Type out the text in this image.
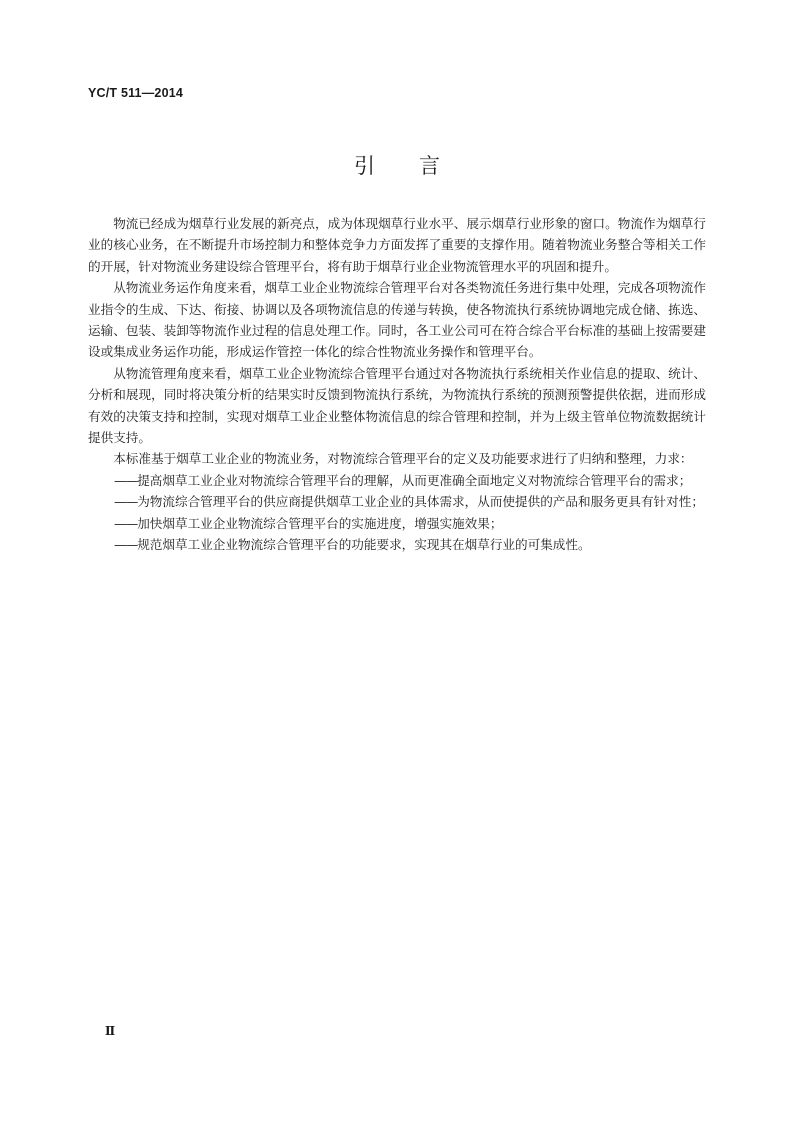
YC/T 511—2014
引言

物流已经成为烟草行业发展的新亮点，成为体现烟草行业水平、展示烟草行业形象的窗口。物流作为烟草行业的核心业务，在不断提升市场控制力和整体竞争力方面发挥了重要的支撑作用。随着物流业务整合等相关工作的开展，针对物流业务建设综合管理平台，将有助于烟草行业企业物流管理水平的巩固和提升。

从物流业务运作角度来看，烟草工业企业物流综合管理平台对各类物流任务进行集中处理，完成各项物流作业指令的生成、下达、衔接、协调以及各项物流信息的传递与转换，使各物流执行系统协调地完成仓储、拣选、运输、包装、装卸等物流作业过程的信息处理工作。同时，各工业公司可在符合综合平台标准的基础上按需要建设或集成业务运作功能，形成运作管控一体化的综合性物流业务操作和管理平台。

从物流管理角度来看，烟草工业企业物流综合管理平台通过对各物流执行系统相关作业信息的提取、统计、分析和展现，同时将决策分析的结果实时反馈到物流执行系统，为物流执行系统的预测预警提供依据，进而形成有效的决策支持和控制，实现对烟草工业企业整体物流信息的综合管理和控制，并为上级主管单位物流数据统计提供支持。

本标准基于烟草工业企业的物流业务，对物流综合管理平台的定义及功能要求进行了归纳和整理，力求：

——提高烟草工业企业对物流综合管理平台的理解，从而更准确全面地定义对物流综合管理平台的需求；

——为物流综合管理平台的供应商提供烟草工业企业的具体需求，从而使提供的产品和服务更具有针对性；

——加快烟草工业企业物流综合管理平台的实施进度，增强实施效果；

——规范烟草工业企业物流综合管理平台的功能要求，实现其在烟草行业的可集成性。

Ⅱ
